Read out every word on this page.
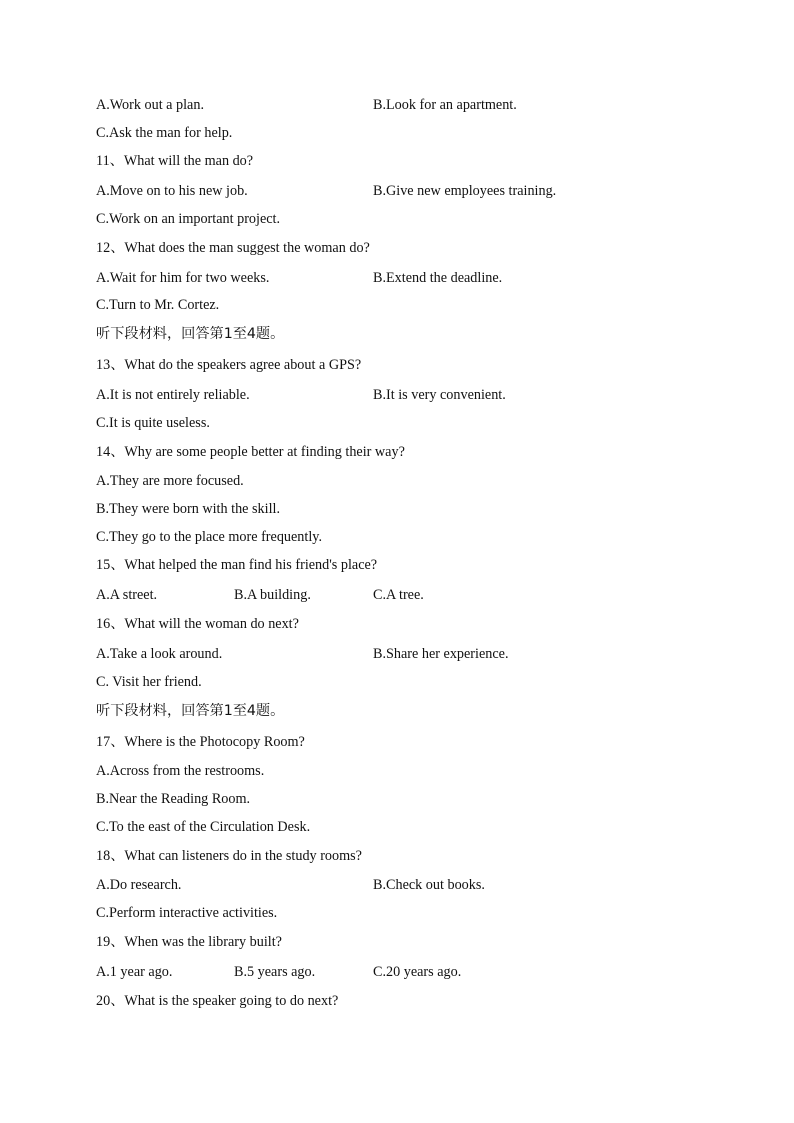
A.Work out a plan.	B.Look for an apartment.
C.Ask the man for help.
11、What will the man do?
A.Move on to his new job.	B.Give new employees training.
C.Work on an important project.
12、What does the man suggest the woman do?
A.Wait for him for two weeks.	B.Extend the deadline.
C.Turn to Mr. Cortez.
听下段材料，回答第1至4题。
13、What do the speakers agree about a GPS?
A.It is not entirely reliable.	B.It is very convenient.
C.It is quite useless.
14、Why are some people better at finding their way?
A.They are more focused.
B.They were born with the skill.
C.They go to the place more frequently.
15、What helped the man find his friend's place?
A.A street.	B.A building.	C.A tree.
16、What will the woman do next?
A.Take a look around.	B.Share her experience.
C. Visit her friend.
听下段材料，回答第1至4题。
17、Where is the Photocopy Room?
A.Across from the restrooms.
B.Near the Reading Room.
C.To the east of the Circulation Desk.
18、What can listeners do in the study rooms?
A.Do research.	B.Check out books.
C.Perform interactive activities.
19、When was the library built?
A.1 year ago.	B.5 years ago.	C.20 years ago.
20、What is the speaker going to do next?
